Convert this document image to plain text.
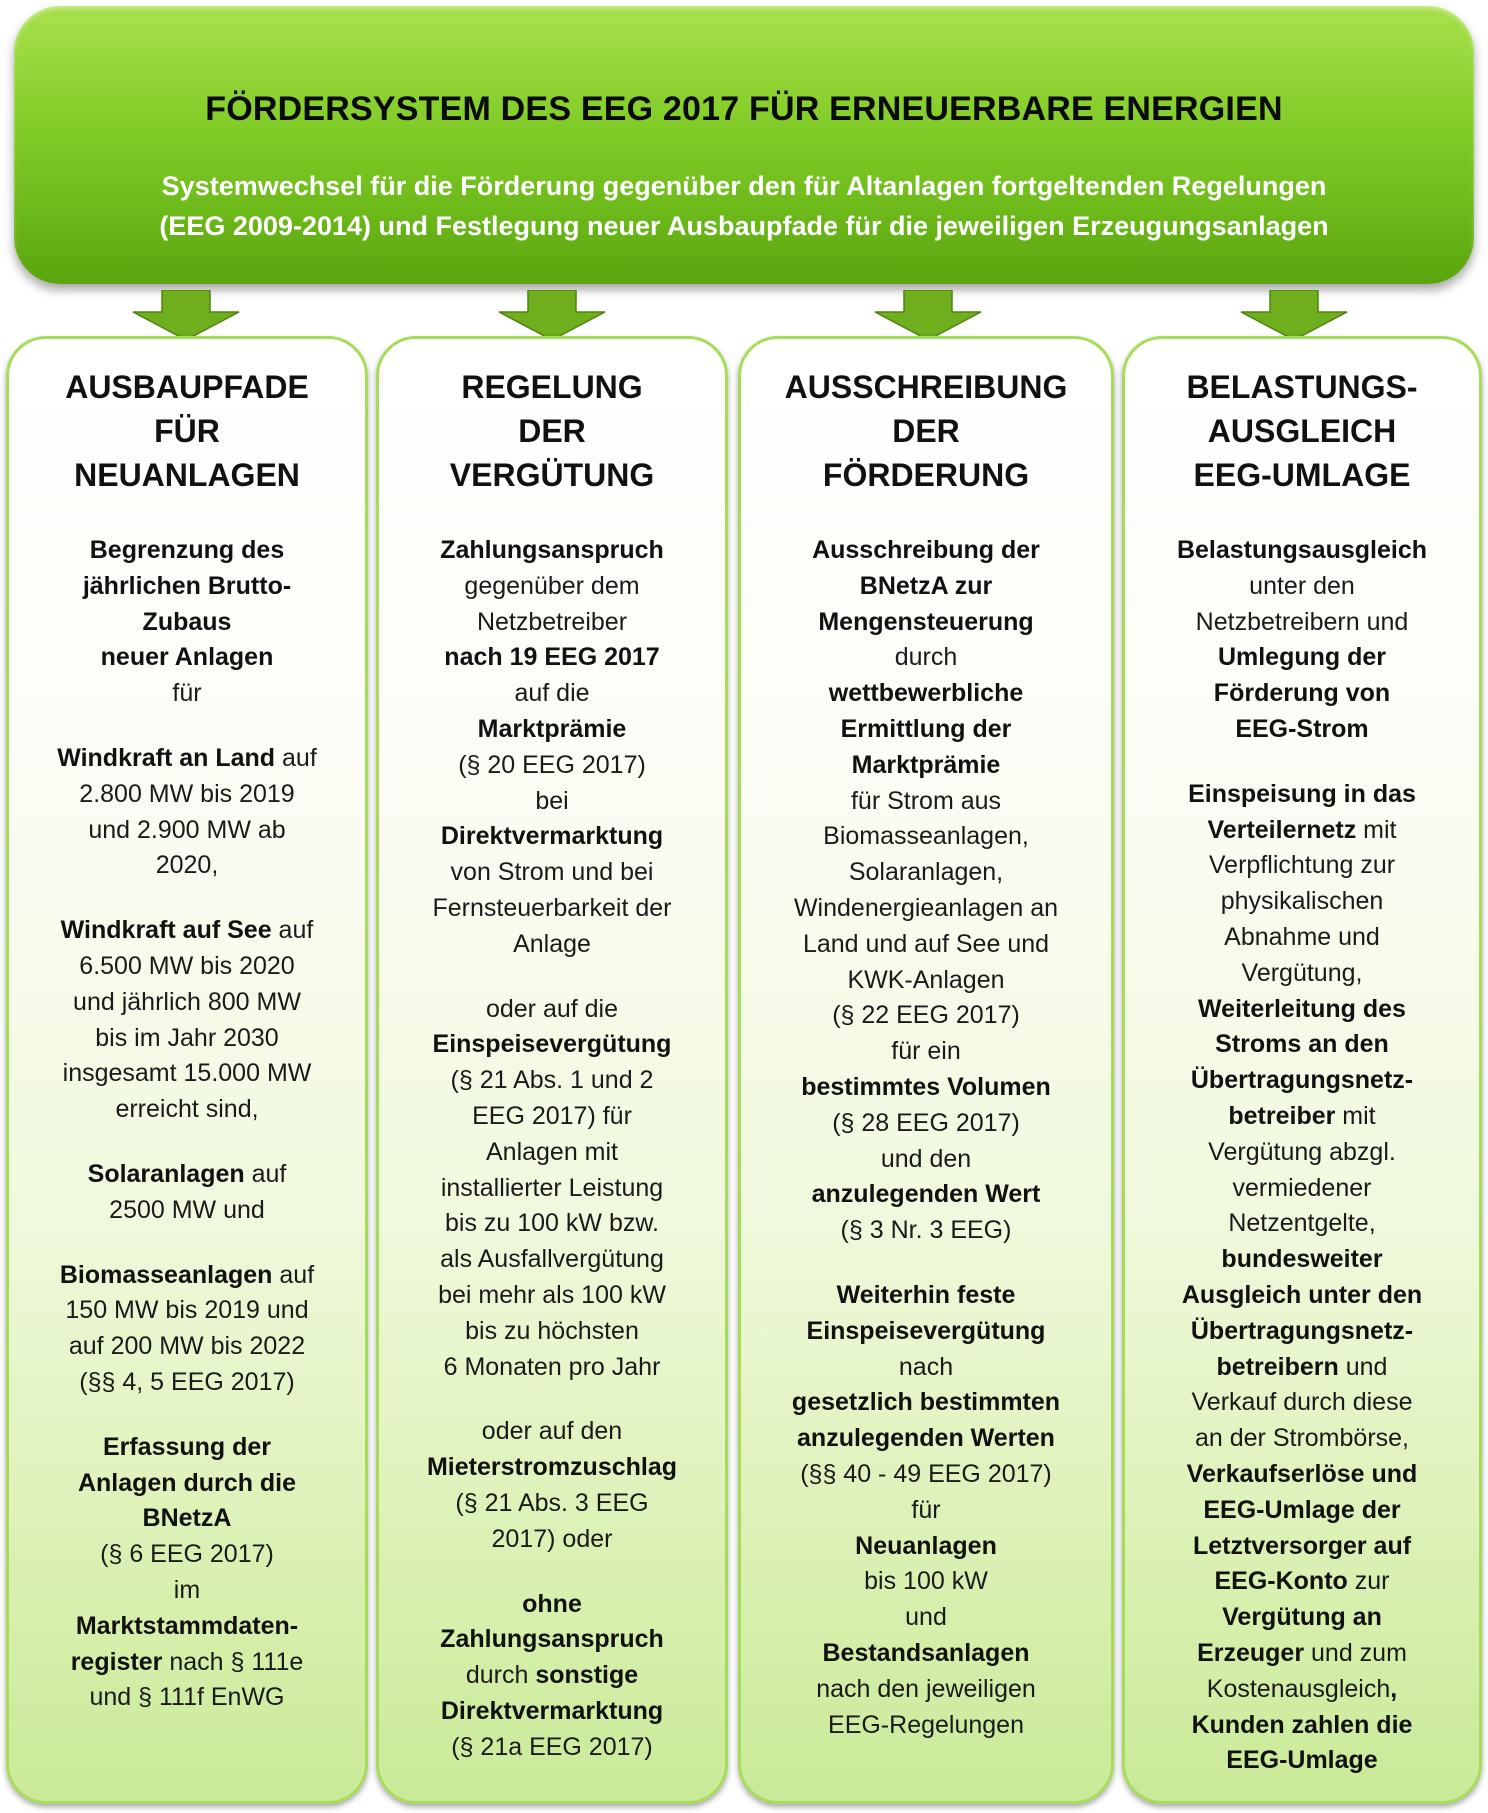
FÖRDERSYSTEM DES EEG 2017 FÜR ERNEUERBARE ENERGIEN
Systemwechsel für die Förderung gegenüber den für Altanlagen fortgeltenden Regelungen
(EEG 2009-2014) und Festlegung neuer Ausbaupfade für die jeweiligen Erzeugungsanlagen
AUSBAUPFADE
FÜR
NEUANLAGEN

Begrenzung des
jährlichen Brutto-
Zubaus
neuer Anlagen
für

Windkraft an Land auf
2.800 MW bis 2019
und 2.900 MW ab
2020,

Windkraft auf See auf
6.500 MW bis 2020
und jährlich 800 MW
bis im Jahr 2030
insgesamt 15.000 MW
erreicht sind,

Solaranlagen auf
2500 MW und

Biomasseanlagen auf
150 MW bis 2019 und
auf 200 MW bis 2022
(§§ 4, 5 EEG 2017)

Erfassung der
Anlagen durch die
BNetzA
(§ 6 EEG 2017)
im
Marktstammdaten-
register nach § 111e
und § 111f EnWG

REGELUNG
DER
VERGÜTUNG

Zahlungsanspruch
gegenüber dem
Netzbetreiber
nach 19 EEG 2017
auf die
Marktprämie
(§ 20 EEG 2017)
bei
Direktvermarktung
von Strom und bei
Fernsteuerbarkeit der
Anlage

oder auf die
Einspeisevergütung
(§ 21 Abs. 1 und 2
EEG 2017) für
Anlagen mit
installierter Leistung
bis zu 100 kW bzw.
als Ausfallvergütung
bei mehr als 100 kW
bis zu höchsten
6 Monaten pro Jahr

oder auf den
Mieterstromzuschlag
(§ 21 Abs. 3 EEG
2017) oder

ohne
Zahlungsanspruch
durch sonstige
Direktvermarktung
(§ 21a EEG 2017)

AUSSCHREIBUNG
DER
FÖRDERUNG

Ausschreibung der
BNetzA zur
Mengensteuerung
durch
wettbewerbliche
Ermittlung der
Marktprämie
für Strom aus
Biomasseanlagen,
Solaranlagen,
Windenergieanlagen an
Land und auf See und
KWK-Anlagen
(§ 22 EEG 2017)
für ein
bestimmtes Volumen
(§ 28 EEG 2017)
und den
anzulegenden Wert
(§ 3 Nr. 3 EEG)

Weiterhin feste
Einspeisevergütung
nach
gesetzlich bestimmten
anzulegenden Werten
(§§ 40 - 49 EEG 2017)
für
Neuanlagen
bis 100 kW
und
Bestandsanlagen
nach den jeweiligen
EEG-Regelungen

BELASTUNGS-
AUSGLEICH
EEG-UMLAGE

Belastungsausgleich
unter den
Netzbetreibern und
Umlegung der
Förderung von
EEG-Strom

Einspeisung in das
Verteilernetz mit
Verpflichtung zur
physikalischen
Abnahme und
Vergütung,
Weiterleitung des
Stroms an den
Übertragungsnetz-
betreiber mit
Vergütung abzgl.
vermiedener
Netzentgelte,
bundesweiter
Ausgleich unter den
Übertragungsnetz-
betreibern und
Verkauf durch diese
an der Strombörse,
Verkaufserlöse und
EEG-Umlage der
Letztversorger auf
EEG-Konto zur
Vergütung an
Erzeuger und zum
Kostenausgleich,
Kunden zahlen die
EEG-Umlage
